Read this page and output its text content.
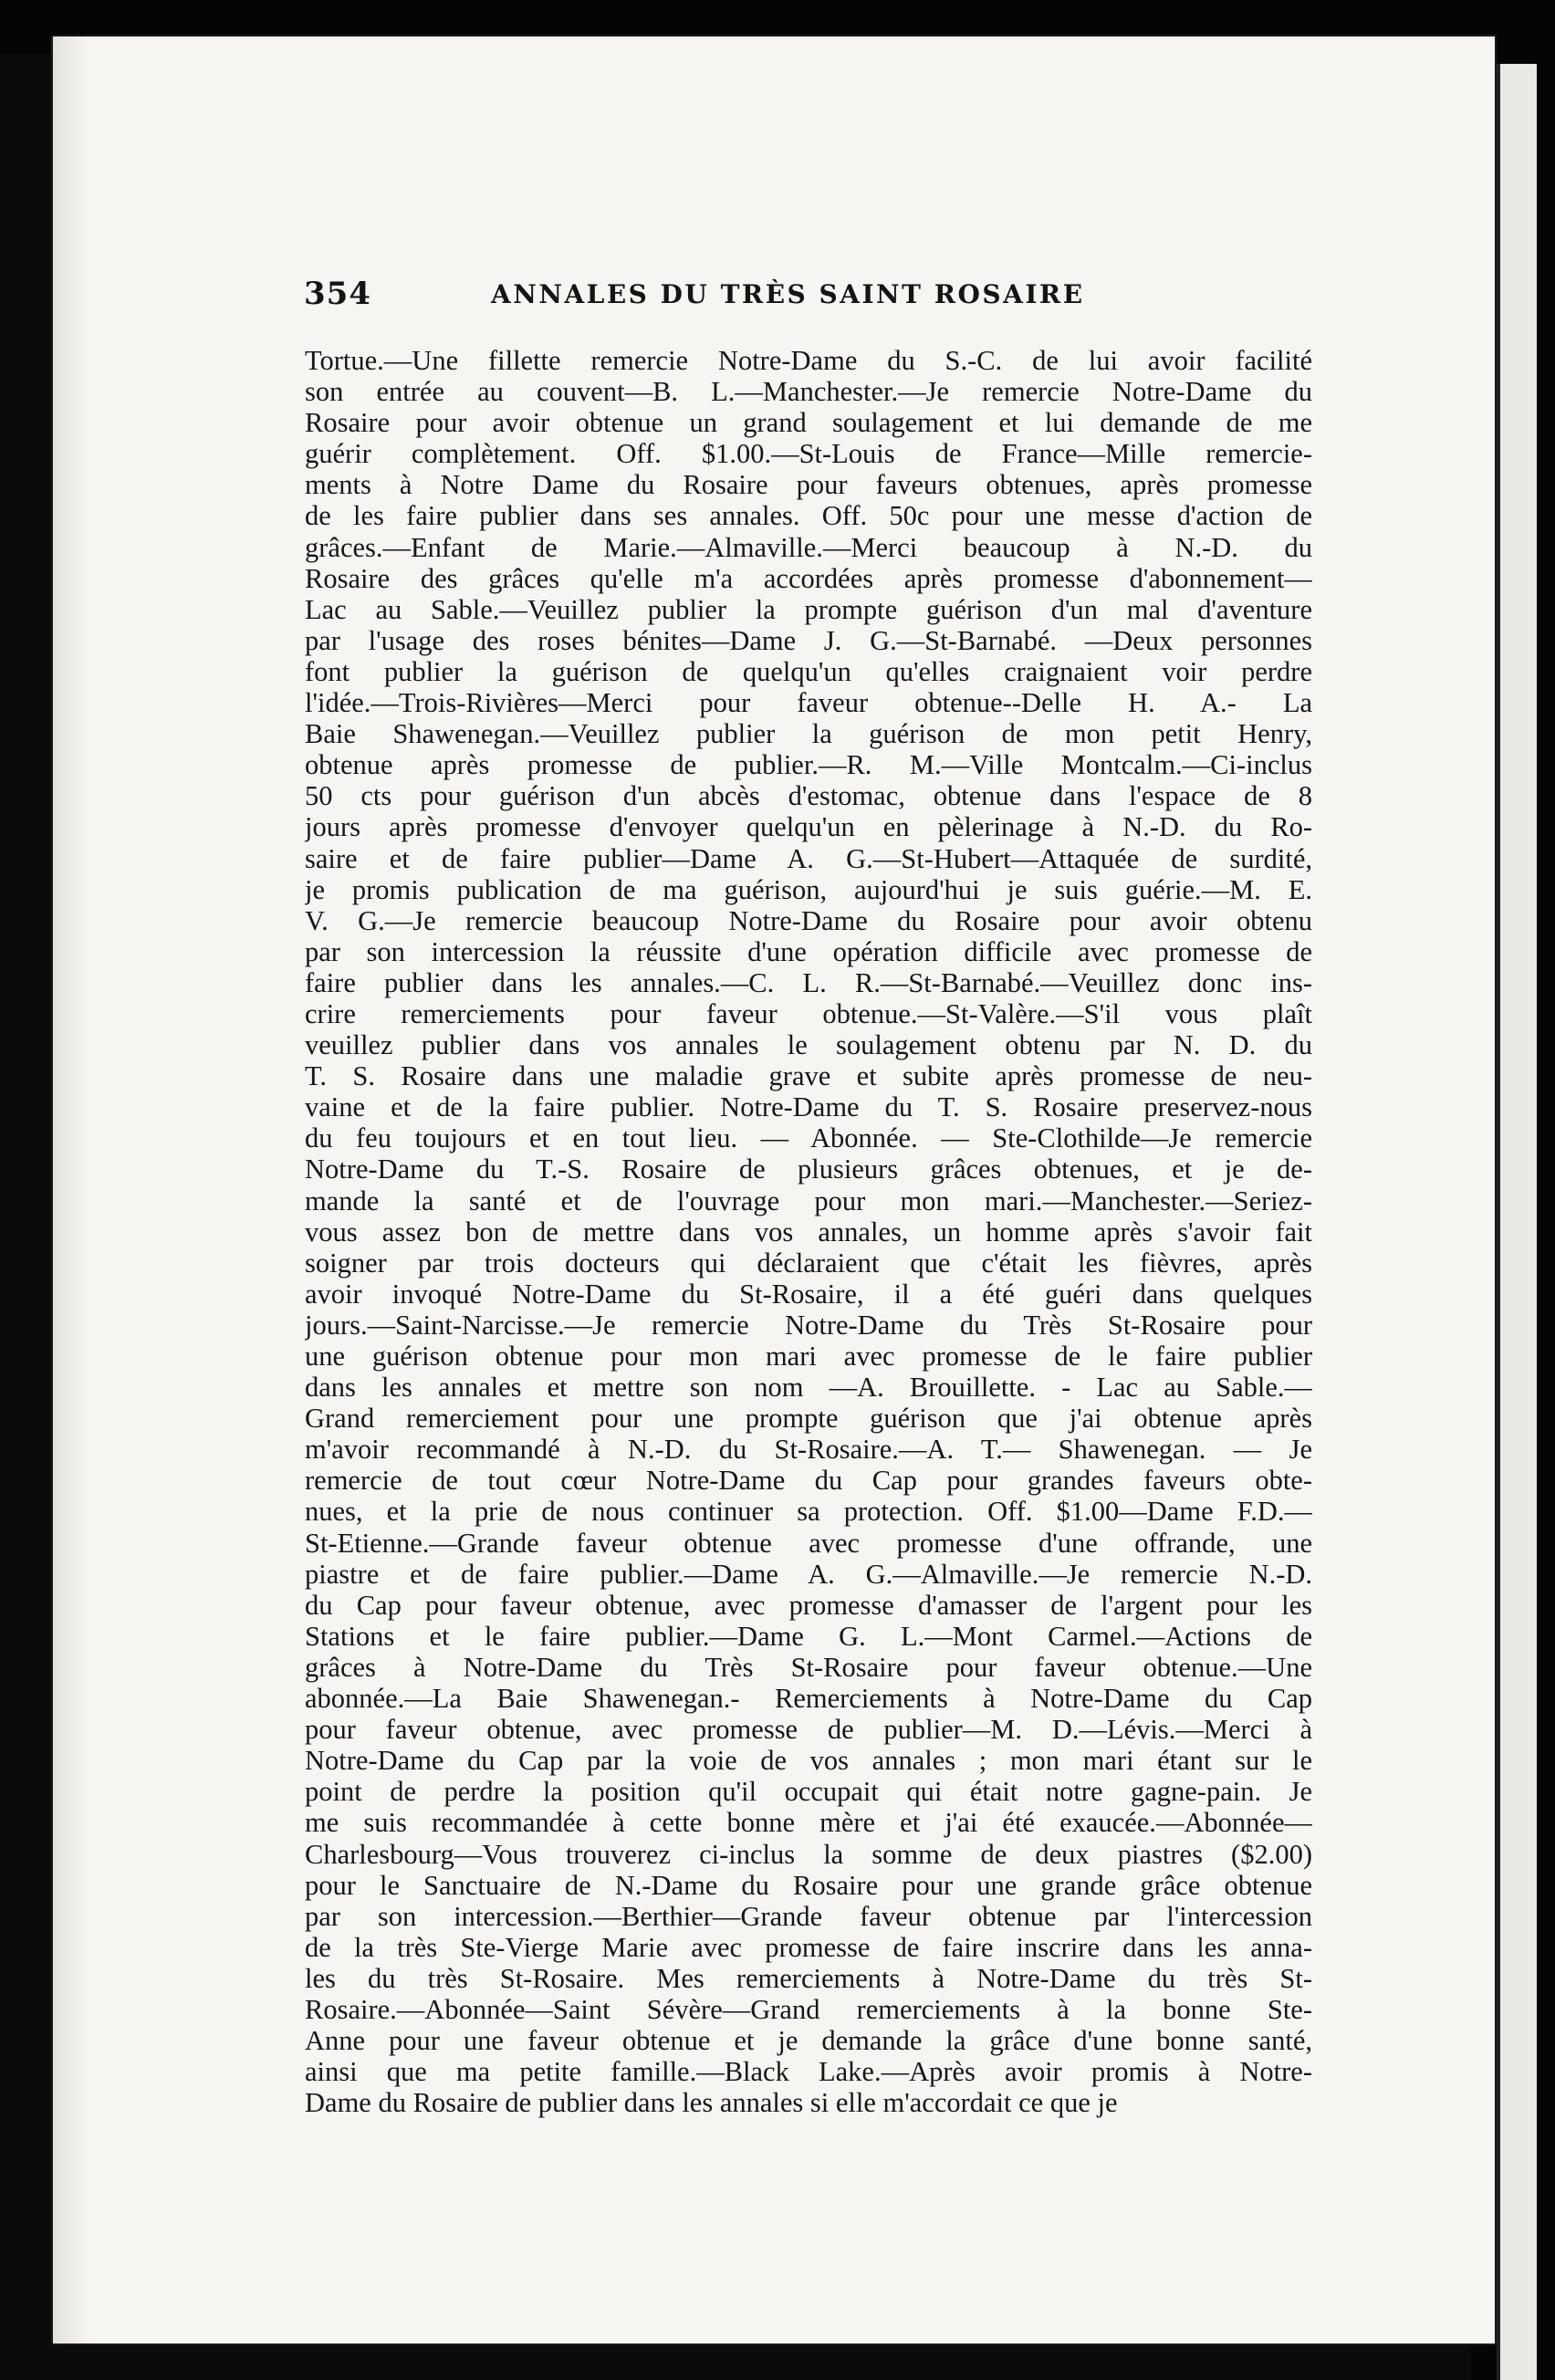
354	ANNALES DU TRÈS SAINT ROSAIRE
Tortue.—Une fillette remercie Notre-Dame du S.-C. de lui avoir facilité
son entrée au couvent—B. L.—Manchester.—Je remercie Notre-Dame du
Rosaire pour avoir obtenue un grand soulagement et lui demande de me
guérir complètement. Off. $1.00.—St-Louis de France—Mille remercie-
ments à Notre Dame du Rosaire pour faveurs obtenues, après promesse
de les faire publier dans ses annales. Off. 50c pour une messe d'action de
grâces.—Enfant de Marie.—Almaville.—Merci beaucoup à N.-D. du
Rosaire des grâces qu'elle m'a accordées après promesse d'abonnement—
Lac au Sable.—Veuillez publier la prompte guérison d'un mal d'aventure
par l'usage des roses bénites—Dame J. G.—St-Barnabé. —Deux personnes
font publier la guérison de quelqu'un qu'elles craignaient voir perdre
l'idée.—Trois-Rivières—Merci pour faveur obtenue--Delle H. A.- La
Baie Shawenegan.—Veuillez publier la guérison de mon petit Henry,
obtenue après promesse de publier.—R. M.—Ville Montcalm.—Ci-inclus
50 cts pour guérison d'un abcès d'estomac, obtenue dans l'espace de 8
jours après promesse d'envoyer quelqu'un en pèlerinage à N.-D. du Ro-
saire et de faire publier—Dame A. G.—St-Hubert—Attaquée de surdité,
je promis publication de ma guérison, aujourd'hui je suis guérie.—M. E.
V. G.—Je remercie beaucoup Notre-Dame du Rosaire pour avoir obtenu
par son intercession la réussite d'une opération difficile avec promesse de
faire publier dans les annales.—C. L. R.—St-Barnabé.—Veuillez donc ins-
crire remerciements pour faveur obtenue.—St-Valère.—S'il vous plaît
veuillez publier dans vos annales le soulagement obtenu par N. D. du
T. S. Rosaire dans une maladie grave et subite après promesse de neu-
vaine et de la faire publier. Notre-Dame du T. S. Rosaire preservez-nous
du feu toujours et en tout lieu. — Abonnée. — Ste-Clothilde—Je remercie
Notre-Dame du T.-S. Rosaire de plusieurs grâces obtenues, et je de-
mande la santé et de l'ouvrage pour mon mari.—Manchester.—Seriez-
vous assez bon de mettre dans vos annales, un homme après s'avoir fait
soigner par trois docteurs qui déclaraient que c'était les fièvres, après
avoir invoqué Notre-Dame du St-Rosaire, il a été guéri dans quelques
jours.—Saint-Narcisse.—Je remercie Notre-Dame du Très St-Rosaire pour
une guérison obtenue pour mon mari avec promesse de le faire publier
dans les annales et mettre son nom —A. Brouillette. - Lac au Sable.—
Grand remerciement pour une prompte guérison que j'ai obtenue après
m'avoir recommandé à N.-D. du St-Rosaire.—A. T.— Shawenegan. — Je
remercie de tout cœur Notre-Dame du Cap pour grandes faveurs obte-
nues, et la prie de nous continuer sa protection. Off. $1.00—Dame F.D.—
St-Etienne.—Grande faveur obtenue avec promesse d'une offrande, une
piastre et de faire publier.—Dame A. G.—Almaville.—Je remercie N.-D.
du Cap pour faveur obtenue, avec promesse d'amasser de l'argent pour les
Stations et le faire publier.—Dame G. L.—Mont Carmel.—Actions de
grâces à Notre-Dame du Très St-Rosaire pour faveur obtenue.—Une
abonnée.—La Baie Shawenegan.- Remerciements à Notre-Dame du Cap
pour faveur obtenue, avec promesse de publier—M. D.—Lévis.—Merci à
Notre-Dame du Cap par la voie de vos annales ; mon mari étant sur le
point de perdre la position qu'il occupait qui était notre gagne-pain. Je
me suis recommandée à cette bonne mère et j'ai été exaucée.—Abonnée—
Charlesbourg—Vous trouverez ci-inclus la somme de deux piastres ($2.00)
pour le Sanctuaire de N.-Dame du Rosaire pour une grande grâce obtenue
par son intercession.—Berthier—Grande faveur obtenue par l'intercession
de la très Ste-Vierge Marie avec promesse de faire inscrire dans les anna-
les du très St-Rosaire. Mes remerciements à Notre-Dame du très St-
Rosaire.—Abonnée—Saint Sévère—Grand remerciements à la bonne Ste-
Anne pour une faveur obtenue et je demande la grâce d'une bonne santé,
ainsi que ma petite famille.—Black Lake.—Après avoir promis à Notre-
Dame du Rosaire de publier dans les annales si elle m'accordait ce que je
